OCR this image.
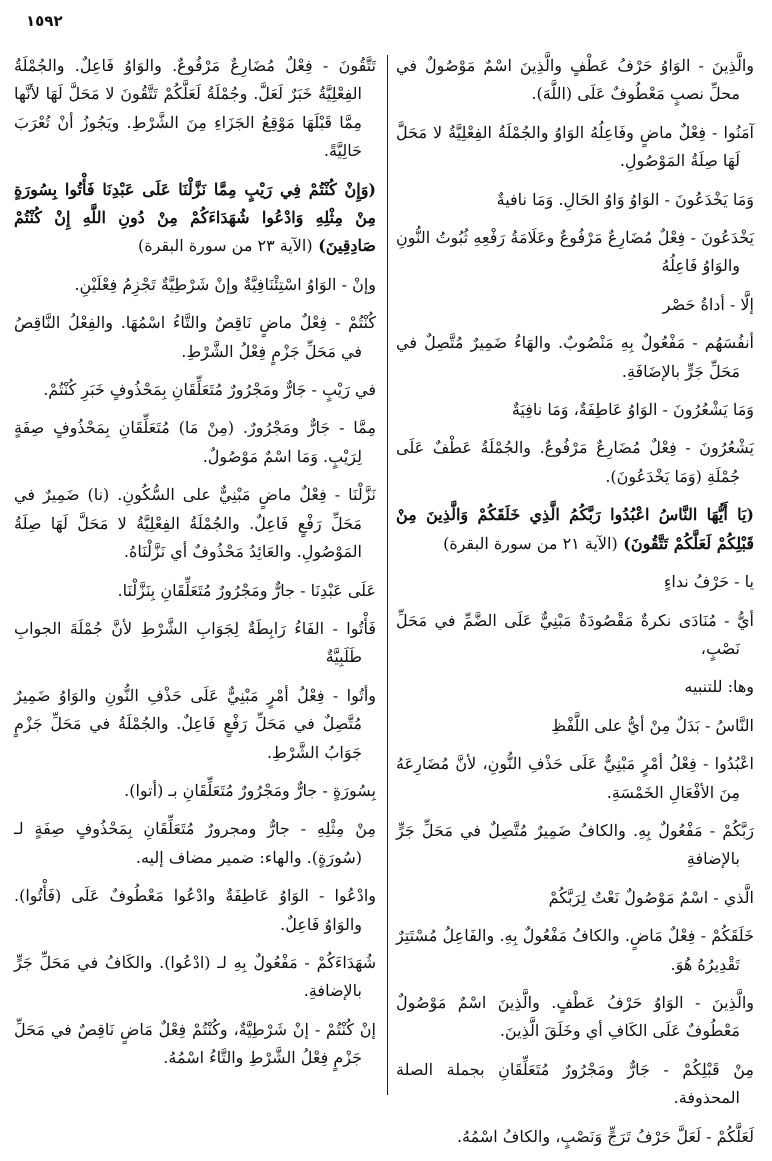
١٥٩٢

والَّذِينَ - الوَاوُ حَرْفُ عَطْفٍ والَّذِينَ اسْمٌ مَوْصُولٌ في محلِّ نصبٍ مَعْطُوفٌ عَلَى (اللَّهَ).

آمَنُوا - فِعْلٌ ماضٍ وفَاعِلُهُ الوَاوُ والجُمْلَةُ الفِعْلِيَّةُ لا مَحَلَّ لَهَا صِلَةُ المَوْصُولِ.

وَمَا يَخْدَعُونَ - الوَاوُ وَاوُ الحَالِ. وَمَا نافيةٌ

يَخْدَعُونَ - فِعْلٌ مُضَارِعٌ مَرْفُوعٌ وعَلَامَةُ رَفْعِهِ ثُبُوتُ النُّونِ والوَاوُ فَاعِلُهُ

إلَّا - أداةُ حَصْر

أنفُسَهُم - مَفْعُولٌ بِهِ مَنْصُوبٌ. والهَاءُ ضَمِيرٌ مُتَّصِلٌ في مَحَلِّ جَرٍّ بالإضَافَةِ.

وَمَا يَشْعُرُونَ - الوَاوُ عَاطِفَةٌ، وَمَا نافِيَةٌ

يَشْعُرُونَ - فِعْلٌ مُضَارِعٌ مَرْفُوعٌ. والجُمْلَةُ عَطْفٌ عَلَى جُمْلَةِ (وَمَا يَخْدَعُونَ).

(يَا أَيُّهَا النَّاسُ اعْبُدُوا رَبَّكُمُ الَّذِي خَلَقَكُمْ وَالَّذِينَ مِنْ قَبْلِكُمْ لَعَلَّكُمْ تَتَّقُونَ) (الآية ٢١ من سورة البقرة)

يا - حَرْفُ نداءٍ

أيُّ - مُنَادَى نكرةٌ مَقْصُودَةٌ مَبْنِيٌّ عَلَى الضَّمِّ في مَحَلِّ نَصْبٍ،

وها: للتنبيه

النَّاسُ - بَدَلٌ مِنْ أيُّ على اللَّفْظِ

اعْبُدُوا - فِعْلُ أمْرٍ مَبْنِيٌّ عَلَى حَذْفِ النُّونِ، لأنَّ مُضَارِعَهُ مِنَ الأفْعَالِ الخَمْسَةِ.

رَبَّكُمْ - مَفْعُولٌ بِهِ. والكافُ ضَمِيرٌ مُتَّصِلٌ في مَحَلِّ جَرٍّ بالإضافةِ

الَّذي - اسْمٌ مَوْصُولٌ نَعْتٌ لِرَبَّكُمْ

خَلَقَكُمْ - فِعْلٌ مَاضٍ. والكافُ مَفْعُولٌ بِهِ. والفَاعِلُ مُسْتَتِرٌ تَقْدِيرُهُ هُوَ.

والَّذِينَ - الوَاوُ حَرْفُ عَطْفٍ. والَّذِينَ اسْمٌ مَوْصُولٌ مَعْطُوفٌ عَلَى الكَافِ أي وخَلَقَ الَّذِينَ.

مِنْ قَبْلِكُمْ - جَارٌّ ومَجْرُورٌ مُتَعَلِّقَانِ بجملة الصلة المحذوفة.

لَعَلَّكُمْ - لَعَلَّ حَرْفُ تَرَجٍّ وَنَصْبٍ، والكافُ اسْمُهُ.

تَتَّقُونَ - فِعْلٌ مُضَارِعٌ مَرْفُوعٌ. والوَاوُ فَاعِلٌ. والجُمْلَةُ الفِعْلِيَّةُ خَبَرٌ لَعَلَّ. وجُمْلَةُ لَعَلَّكُمْ تَتَّقُونَ لا مَحَلَّ لَهَا لأنَّها مِمَّا قَبْلَهَا مَوْقِعُ الجَزَاءِ مِنَ الشَّرْطِ. ويَجُوزُ أنْ تُعْرَبَ حَالِيَّةً.

(وَإِنْ كُنْتُمْ فِي رَيْبٍ مِمَّا نَزَّلْنَا عَلَى عَبْدِنَا فَأْتُوا بِسُورَةٍ مِنْ مِثْلِهِ وَادْعُوا شُهَدَاءَكُمْ مِنْ دُونِ اللَّهِ إِنْ كُنْتُمْ صَادِقِينَ) (الآية ٢٣ من سورة البقرة)

وإنْ - الوَاوُ اسْتِئْنَافِيَّةٌ وإنْ شَرْطِيَّةٌ تَجْزِمُ فِعْلَيْنِ.

كُنْتُمْ - فِعْلٌ ماضٍ نَاقِصٌ والتَّاءُ اسْمُهَا. والفِعْلُ النَّاقِصُ في مَحَلِّ جَزْمٍ فِعْلُ الشَّرْطِ.

في رَيْبٍ - جَارٌّ ومَجْرُورٌ مُتَعَلِّقَانِ بِمَحْذُوفٍ خَبَرِ كُنْتُمْ.

مِمَّا - جَارٌّ ومَجْرُورٌ. (مِنْ مَا) مُتَعَلِّقَانِ بِمَحْذُوفٍ صِفَةٍ لِرَيْبٍ. وَمَا اسْمٌ مَوْصُولٌ.

نَزَّلْنَا - فِعْلٌ ماضٍ مَبْنِيٌّ على السُّكُونِ. (نا) ضَمِيرٌ في مَحَلِّ رَفْعٍ فَاعِلٌ. والجُمْلَةُ الفِعْلِيَّةُ لا مَحَلَّ لَهَا صِلَةُ المَوْصُولِ. والعَائِدُ مَحْذُوفٌ أي نَزَّلْنَاهُ.

عَلَى عَبْدِنَا - جارٌّ ومَجْرُورٌ مُتَعَلِّقَانِ بِنَزَّلْنَا.

فَأْتُوا - الفَاءُ رَابِطَةٌ لِجَوَابِ الشَّرْطِ لأنَّ جُمْلَةَ الجوابِ طَلَبِيَّةٌ

وأتُوا - فِعْلُ أمْرٍ مَبْنِيٌّ عَلَى حَذْفِ النُّونِ والوَاوُ ضَمِيرٌ مُتَّصِلٌ في مَحَلِّ رَفْعٍ فَاعِلٌ. والجُمْلَةُ في مَحَلِّ جَزْمٍ جَوَابُ الشَّرْطِ.

بِسُورَةٍ - جارٌّ ومَجْرُورٌ مُتَعَلِّقَانِ بـ (أتوا).

مِنْ مِثْلِهِ - جارٌّ ومجرورٌ مُتَعَلِّقَانِ بِمَحْذُوفٍ صِفَةٍ لـ (سُورَةٍ). والهاء: ضمير مضاف إليه.

وادْعُوا - الوَاوُ عَاطِفَةٌ وادْعُوا مَعْطُوفٌ عَلَى (فَأْتُوا). والوَاوُ فَاعِلٌ.

شُهَدَاءَكُمْ - مَفْعُولٌ بِهِ لـ (ادْعُوا). والكَافُ في مَحَلِّ جَرٍّ بالإضافةِ.

إنْ كُنْتُمْ - إنْ شَرْطِيَّةٌ، وكُنْتُمْ فِعْلٌ مَاضٍ نَاقِصٌ في مَحَلِّ جَزْمٍ فِعْلُ الشَّرْطِ والتَّاءُ اسْمُهُ.
